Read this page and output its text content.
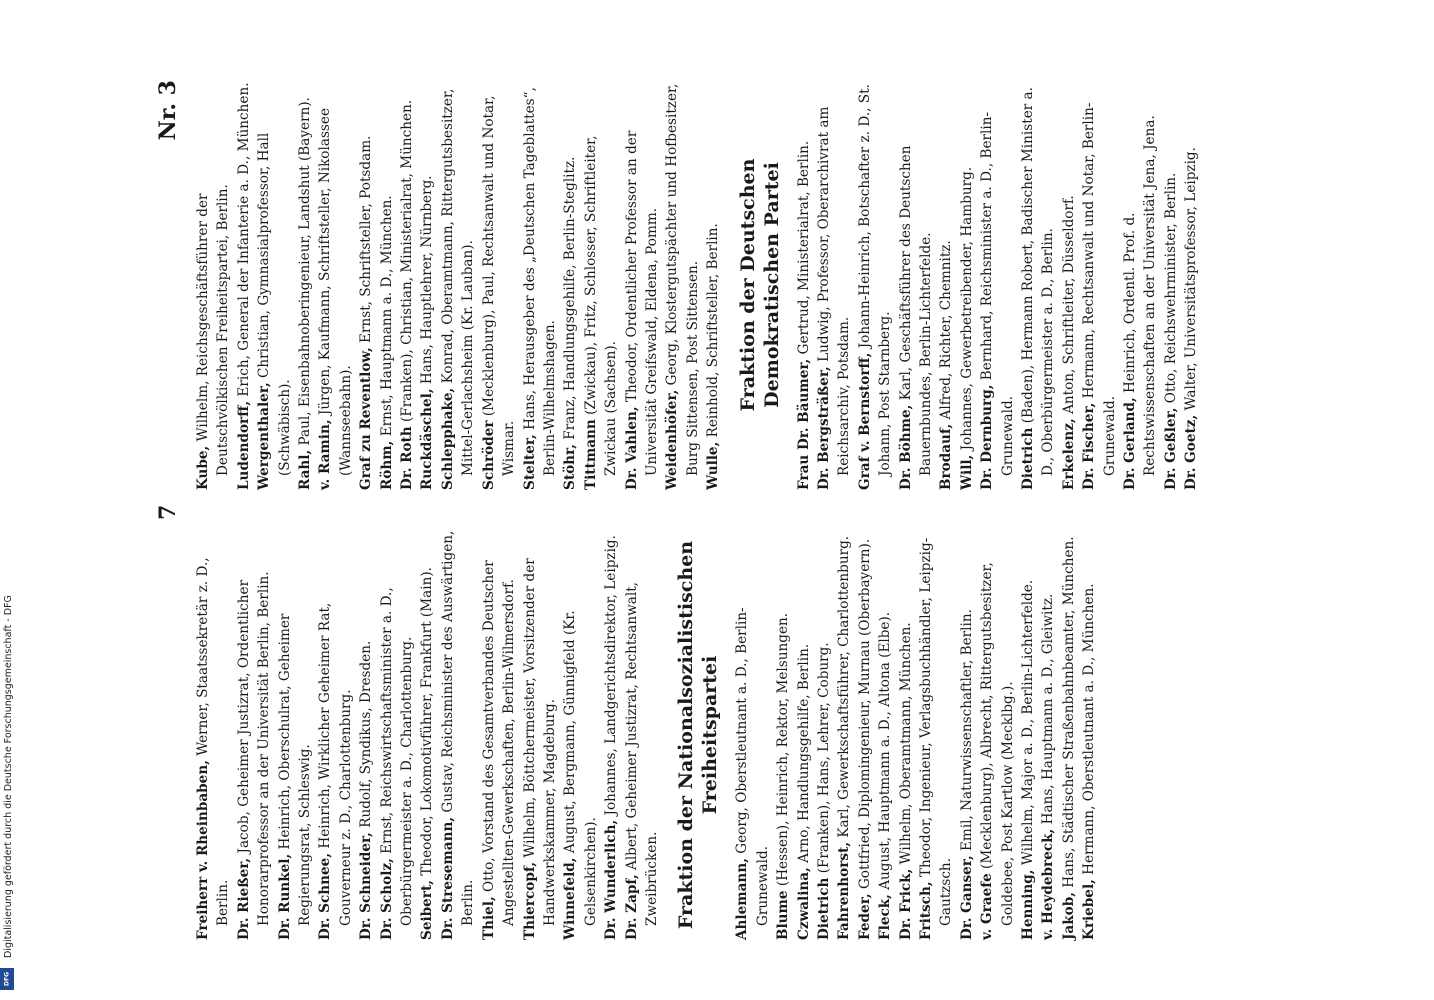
7
Nr. 3

Freiherr v. Rheinbaben, Werner, Staatssekretär z. D., Berlin. Dr. Rießer, Jacob, Geheimer Justizrat, Ordentlicher Honorarprofessor an der Universität Berlin, Berlin. Dr. Runkel, Heinrich, Oberschulrat, Geheimer Regierungsrat, Schleswig. Dr. Schnee, Heinrich, Wirklicher Geheimer Rat, Gouverneur z. D., Charlottenburg. Dr. Schneider, Rudolf, Syndikus, Dresden.

Dr. Scholz, Ernst, Reichswirtschaftsminister a. D., Oberbürgermeister a. D., Charlottenburg. Seibert, Theodor, Lokomotivführer, Frankfurt (Main). Dr. Stresemann, Gustav, Reichsminister des Auswärtigen, Berlin. Thiel, Otto, Vorstand des Gesamtverbandes Deutscher Angestellten-Gewerkschaften, Berlin-Wilmersdorf. Thiercopf, Wilhelm, Böttchermeister, Vorsitzender der Handwerkskammer, Magdeburg. Winnefeld, August, Bergmann, Günnigfeld (Kr. Gelsenkirchen). Dr. Wunderlich, Johannes, Landgerichtsdirektor, Leipzig.

Dr. Zapf, Albert, Geheimer Justizrat, Rechtsanwalt, Zweibrücken. Fraktion der Nationalsozialistischen Freiheitspartei

Ahlemann, Georg, Oberstleutnant a. D., Berlin-Grunewald. Blume (Hessen), Heinrich, Rektor, Melsungen.

Czwalina, Arno, Handlungsgehilfe, Berlin.

Dietrich (Franken), Hans, Lehrer, Coburg.

Fahrenhorst, Karl, Gewerkschaftsführer, Charlottenburg.

Feder, Gottfried, Diplomingenieur, Murnau (Oberbayern).

Fleck, August, Hauptmann a. D., Altona (Elbe).

Dr. Frick, Wilhelm, Oberamtmann, München.

Fritsch, Theodor, Ingenieur, Verlagsbuchhändler, Leipzig-Gautzsch. Dr. Ganser, Emil, Naturwissenschaftler, Berlin.

v. Graefe (Mecklenburg), Albrecht, Rittergutsbesitzer, Goldebee, Post Kartlow (Mecklbg.). Henning, Wilhelm, Major a. D., Berlin-Lichterfelde.

v. Heydebreck, Hans, Hauptmann a. D., Gleiwitz.

Jakob, Hans, Städtischer Straßenbahnbeamter, München.

Kriebel, Hermann, Oberstleutnant a. D., München.

Kube, Wilhelm, Reichsgeschäftsführer der Deutschvölkischen Freiheitspartei, Berlin. Ludendorff, Erich, General der Infanterie a. D., München.

Wergenthaler, Christian, Gymnasialprofessor, Hall (Schwäbisch). Rahl, Paul, Eisenbahnoberingenieur, Landshut (Bayern).

v. Ramin, Jürgen, Kaufmann, Schriftsteller, Nikolassee (Wannseebahn). Graf zu Reventlow, Ernst, Schriftsteller, Potsdam.

Röhm, Ernst, Hauptmann a. D., München.

Dr. Roth (Franken), Christian, Ministerialrat, München.

Ruckdäschel, Hans, Hauptlehrer, Nürnberg.

Schlepphake, Konrad, Oberamtmann, Rittergutsbesitzer, Mittel-Gerlachsheim (Kr. Lauban). Schröder (Mecklenburg), Paul, Rechtsanwalt und Notar, Wismar. Stelter, Hans, Herausgeber des „Deutschen Tageblattes“, Berlin-Wilhelmshagen. Stöhr, Franz, Handlungsgehilfe, Berlin-Steglitz.

Tittmann (Zwickau), Fritz, Schlosser, Schriftleiter, Zwickau (Sachsen). Dr. Vahlen, Theodor, Ordentlicher Professor an der Universität Greifswald, Eldena, Pomm. Weidenhöfer, Georg, Klostergutspächter und Hofbesitzer, Burg Sittensen, Post Sittensen. Wulle, Reinhold, Schriftsteller, Berlin. Fraktion der Deutschen Demokratischen Partei

Frau Dr. Bäumer, Gertrud, Ministerialrat, Berlin.

Dr. Bergsträßer, Ludwig, Professor, Oberarchivrat am Reichsarchiv, Potsdam. Graf v. Bernstorff, Johann-Heinrich, Botschafter z. D., St. Johann, Post Starnberg. Dr. Böhme, Karl, Geschäftsführer des Deutschen Bauernbundes, Berlin-Lichterfelde. Brodauf, Alfred, Richter, Chemnitz.

Will, Johannes, Gewerbetreibender, Hamburg. Dr. Dernburg, Bernhard, Reichsminister a. D., Berlin-Grunewald. Dietrich (Baden), Hermann Robert, Badischer Minister a. D., Oberbürgermeister a. D., Berlin. Erkelenz, Anton, Schriftleiter, Düsseldorf.

Dr. Fischer, Hermann, Rechtsanwalt und Notar, Berlin-Grunewald. Dr. Gerland, Heinrich, Ordentl. Prof. d. Rechtswissenschaften an der Universität Jena, Jena. Dr. Geßler, Otto, Reichswehrminister, Berlin.

Dr. Goetz, Walter, Universitätsprofessor, Leipzig.

Digitalisierung gefördert durch die Deutsche Forschungsgemeinschaft - DFG
DFG
